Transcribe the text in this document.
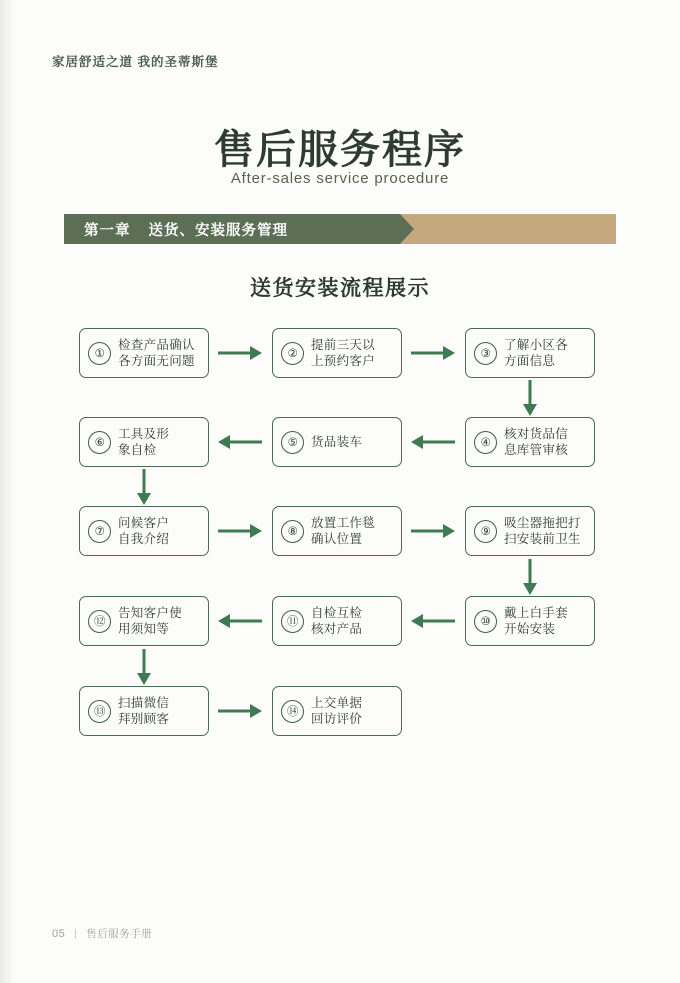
家居舒适之道 我的圣蒂斯堡
售后服务程序
After-sales service procedure
第一章 送货、安装服务管理
送货安装流程展示
①
检查产品确认
各方面无问题	②
提前三天以
上预约客户	③
了解小区各
方面信息
⑥
工具及形
象自检	⑤	货品装车	④
核对货品信
息库管审核
⑦
问候客户
自我介绍	⑧
放置工作毯
确认位置	⑨
吸尘器拖把打
扫安装前卫生
⑫
告知客户使
用须知等	⑪
自检互检
核对产品	⑩
戴上白手套
开始安装
⑬
扫描微信
拜别顾客	⑭
上交单据
回访评价
05 售后服务手册
